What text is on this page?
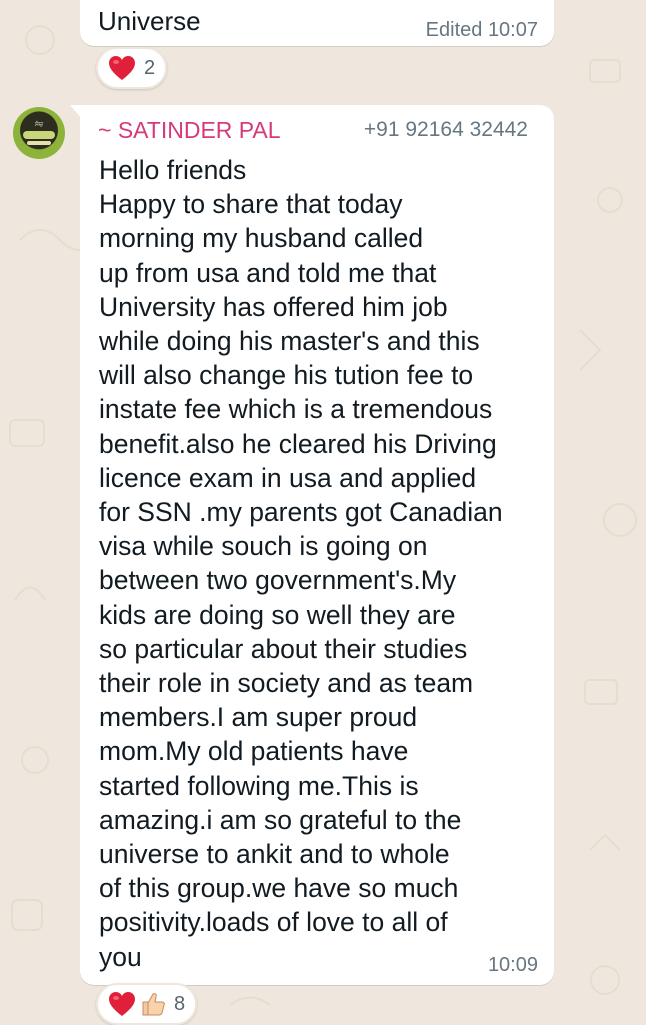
Universe	Edited 10:07
2
ਸੋਚ	~ SATINDER PAL	+91 92164 32442
Hello friends
Happy to share that today
morning my husband called
up from usa and told me that
University has offered him job
while doing his master's and this
will also change his tution fee to
instate fee which is a tremendous
benefit.also he cleared his Driving
licence exam in usa and applied
for SSN .my parents got Canadian
visa while souch is going on
between two government's.My
kids are doing so well they are
so particular about their studies
their role in society and as team
members.I am super proud
mom.My old patients have
started following me.This is
amazing.i am so grateful to the
universe to ankit and to whole
of this group.we have so much
positivity.loads of love to all of
you	10:09
8
